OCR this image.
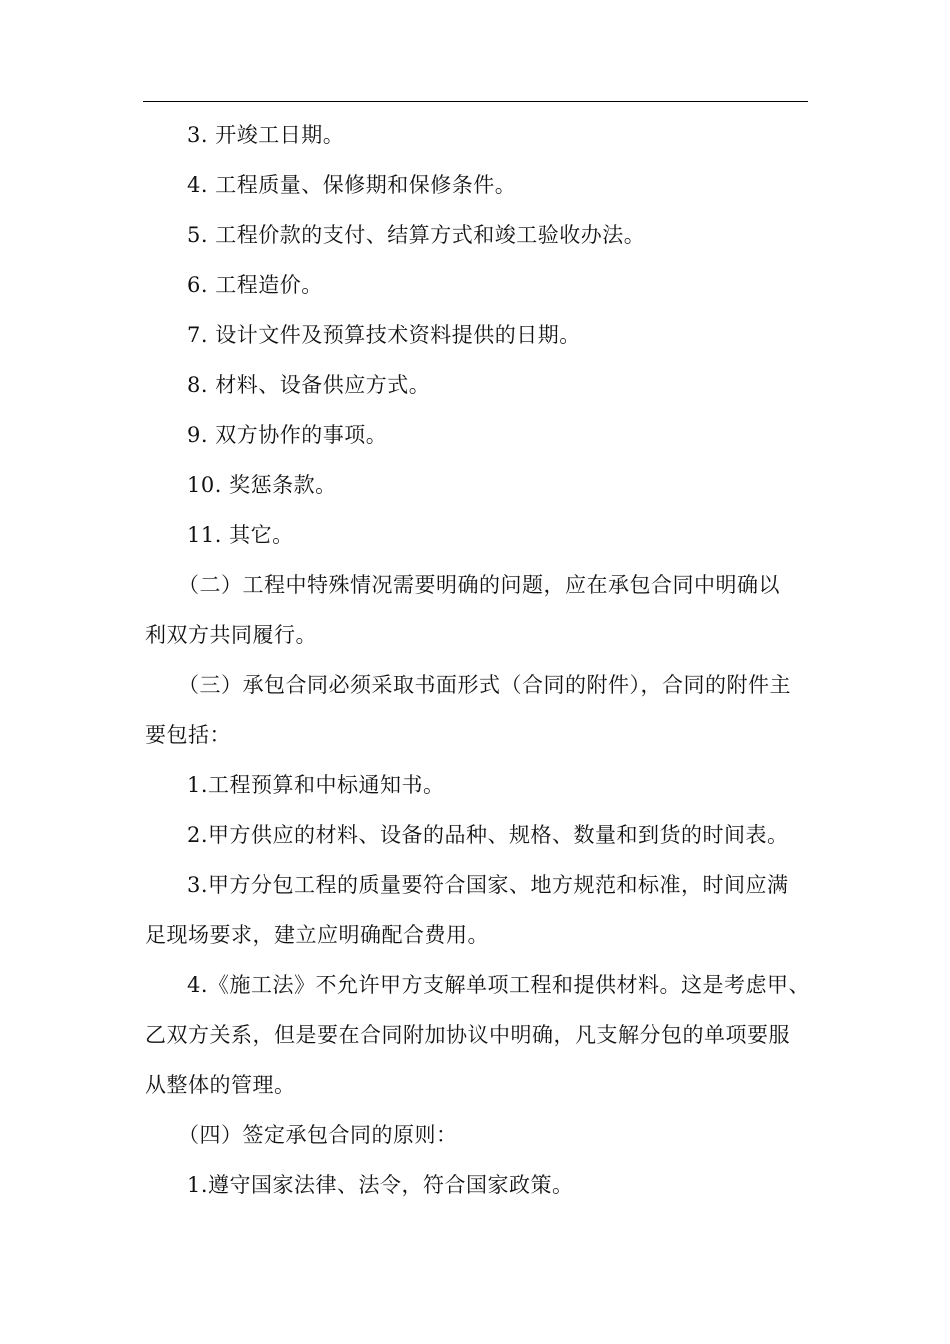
3. 开竣工日期。
4. 工程质量、保修期和保修条件。
5. 工程价款的支付、结算方式和竣工验收办法。
6. 工程造价。
7. 设计文件及预算技术资料提供的日期。
8. 材料、设备供应方式。
9. 双方协作的事项。
10. 奖惩条款。
11. 其它。
（二）工程中特殊情况需要明确的问题，应在承包合同中明确以
利双方共同履行。
（三）承包合同必须采取书面形式（合同的附件），合同的附件主
要包括：
1.工程预算和中标通知书。
2.甲方供应的材料、设备的品种、规格、数量和到货的时间表。
3.甲方分包工程的质量要符合国家、地方规范和标准，时间应满
足现场要求，建立应明确配合费用。
4.《施工法》不允许甲方支解单项工程和提供材料。这是考虑甲、
乙双方关系，但是要在合同附加协议中明确，凡支解分包的单项要服
从整体的管理。
（四）签定承包合同的原则：
1.遵守国家法律、法令，符合国家政策。
